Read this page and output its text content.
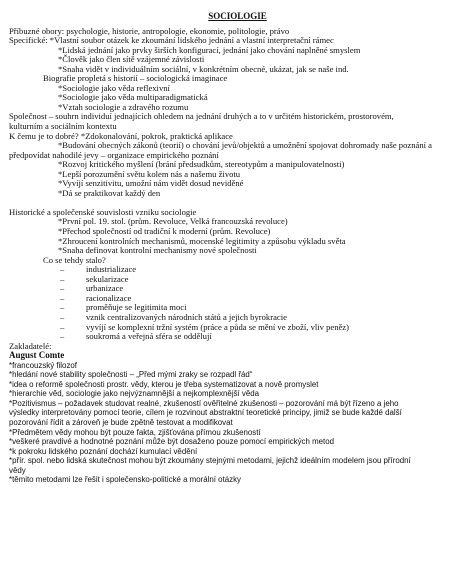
SOCIOLOGIE
Příbuzné obory: psychologie, historie, antropologie, ekonomie, politologie, právo
Specifické: *Vlastní soubor otázek ke zkoumání lidského jednání a vlastní interpretační rámec
*Lidská jednání jako prvky širších konfigurací, jednání jako chování naplněné smyslem
*Člověk jako člen sítě vzájemné závislosti
*Snaha vidět v individuálním sociální, v konkrétním obecné, ukázat, jak se naše ind.
Biografie propletá s historií – sociologická imaginace
*Sociologie jako věda reflexivní
*Sociologie jako věda multiparadigmatická
*Vztah sociologie a zdravého rozumu
Společnost – souhrn individuí jednajících ohledem na jednání druhých a to v určitém historickém, prostorovém,
kulturním a sociálním kontextu
K čemu je to dobré? *Zdokonalování, pokrok, praktická aplikace
*Budování obecných zákonů (teorií) o chování jevů/objektů a umožnění spojovat dohromady naše poznání a
předpovídat nahodilé jevy – organizace empirického poznání
*Rozvoj kritického myšlení (brání předsudkům, stereotypům a manipulovatelnosti)
*Lepší porozumění světu kolem nás a našemu životu
*Vyvíjí senzitivitu, umožní nám vidět dosud neviděné
*Dá se praktikovat každý den
Historické a společenské souvislosti vzniku sociologie
*První pol. 19. stol. (prům. Revoluce, Velká francouzská revoluce)
*Přechod společností od tradiční k moderní (prům. Revoluce)
*Zhroucení kontrolních mechanismů, mocenské legitimity a způsobu výkladu světa
*Snaha definovat kontrolní mechanismy nové společnosti
Co se tehdy stalo?
–	industrializace
–	sekularizace
–	urbanizace
–	racionalizace
–	proměňuje se legitimita moci
–	vznik centralizovaných národních států a jejich byrokracie
–	vyvíjí se komplexní tržní systém (práce a půda se mění ve zboží, vliv peněz)
–	soukromá a veřejná sféra se oddělují
Zakladatelé:
August Comte
*francouzský filozof
*hledání nové stability společnosti – „Před mými zraky se rozpadl řád“
*idea o reformě společnosti prostr. vědy, kterou je třeba systematizovat a nově promyslet
*hierarchie věd, sociologie jako nejvýznamnější a nejkomplexnější věda
*Pozitivismus – požadavek studovat realné, zkušeností ověřitelné zkušenosti – pozorování má být řízeno a jeho
výsledky interpretovány pomocí teorie, cílem je rozvinout abstraktní teoretické principy, jimiž se bude každé další
pozorování řídit a zároveň je bude zpětně testovat a modifikovat
*Předmětem vědy mohou být pouze fakta, zjišťována přímou zkušeností
*veškeré pravdivé a hodnotné poznání může být dosaženo pouze pomocí empirických metod
*k pokroku lidského poznání dochází kumulací vědění
*přír. spol. nebo lidská skutečnost mohou být zkoumány stejnými metodami, jejichž ideálním modelem jsou přírodní
vědy
*těmito metodami lze řešit i společensko-politické a morální otázky
